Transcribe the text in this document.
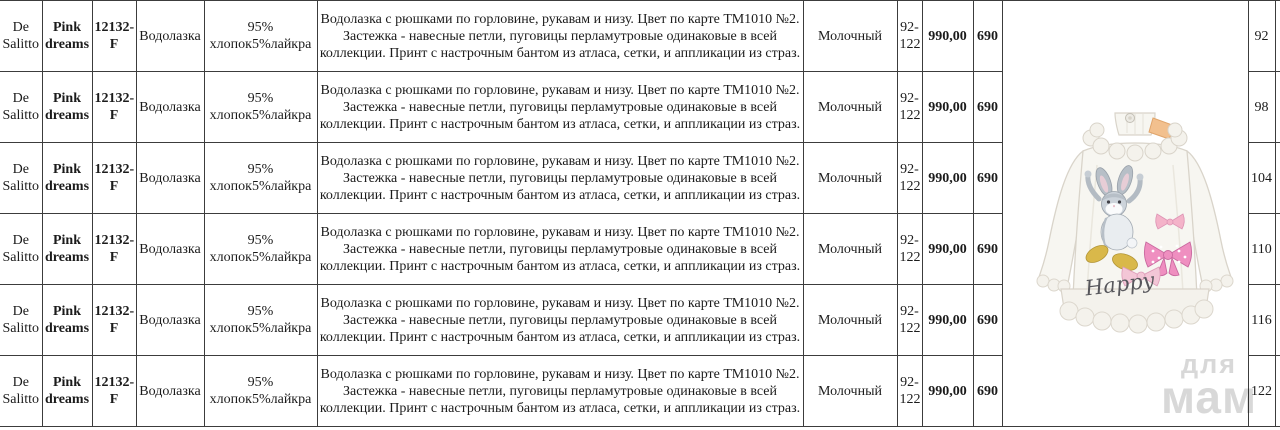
De Salitto	Pink dreams	12132-F	Водолазка	95% хлопок5%лайкра	Водолазка с рюшками по горловине, рукавам и низу. Цвет по карте ТМ1010 №2. Застежка - навесные петли, пуговицы перламутровые одинаковые в всей коллекции. Принт с настрочным бантом из атласа, сетки, и аппликации из страз.	Молочный	92-122	990,00	690	Happy	92	
De Salitto	Pink dreams	12132-F	Водолазка	95% хлопок5%лайкра	Водолазка с рюшками по горловине, рукавам и низу. Цвет по карте ТМ1010 №2. Застежка - навесные петли, пуговицы перламутровые одинаковые в всей коллекции. Принт с настрочным бантом из атласа, сетки, и аппликации из страз.	Молочный	92-122	990,00	690		98	
De Salitto	Pink dreams	12132-F	Водолазка	95% хлопок5%лайкра	Водолазка с рюшками по горловине, рукавам и низу. Цвет по карте ТМ1010 №2. Застежка - навесные петли, пуговицы перламутровые одинаковые в всей коллекции. Принт с настрочным бантом из атласа, сетки, и аппликации из страз.	Молочный	92-122	990,00	690		104	
De Salitto	Pink dreams	12132-F	Водолазка	95% хлопок5%лайкра	Водолазка с рюшками по горловине, рукавам и низу. Цвет по карте ТМ1010 №2. Застежка - навесные петли, пуговицы перламутровые одинаковые в всей коллекции. Принт с настрочным бантом из атласа, сетки, и аппликации из страз.	Молочный	92-122	990,00	690		110	
De Salitto	Pink dreams	12132-F	Водолазка	95% хлопок5%лайкра	Водолазка с рюшками по горловине, рукавам и низу. Цвет по карте ТМ1010 №2. Застежка - навесные петли, пуговицы перламутровые одинаковые в всей коллекции. Принт с настрочным бантом из атласа, сетки, и аппликации из страз.	Молочный	92-122	990,00	690		116	
De Salitto	Pink dreams	12132-F	Водолазка	95% хлопок5%лайкра	Водолазка с рюшками по горловине, рукавам и низу. Цвет по карте ТМ1010 №2. Застежка - навесные петли, пуговицы перламутровые одинаковые в всей коллекции. Принт с настрочным бантом из атласа, сетки, и аппликации из страз.	Молочный	92-122	990,00	690		122	
для
мам
